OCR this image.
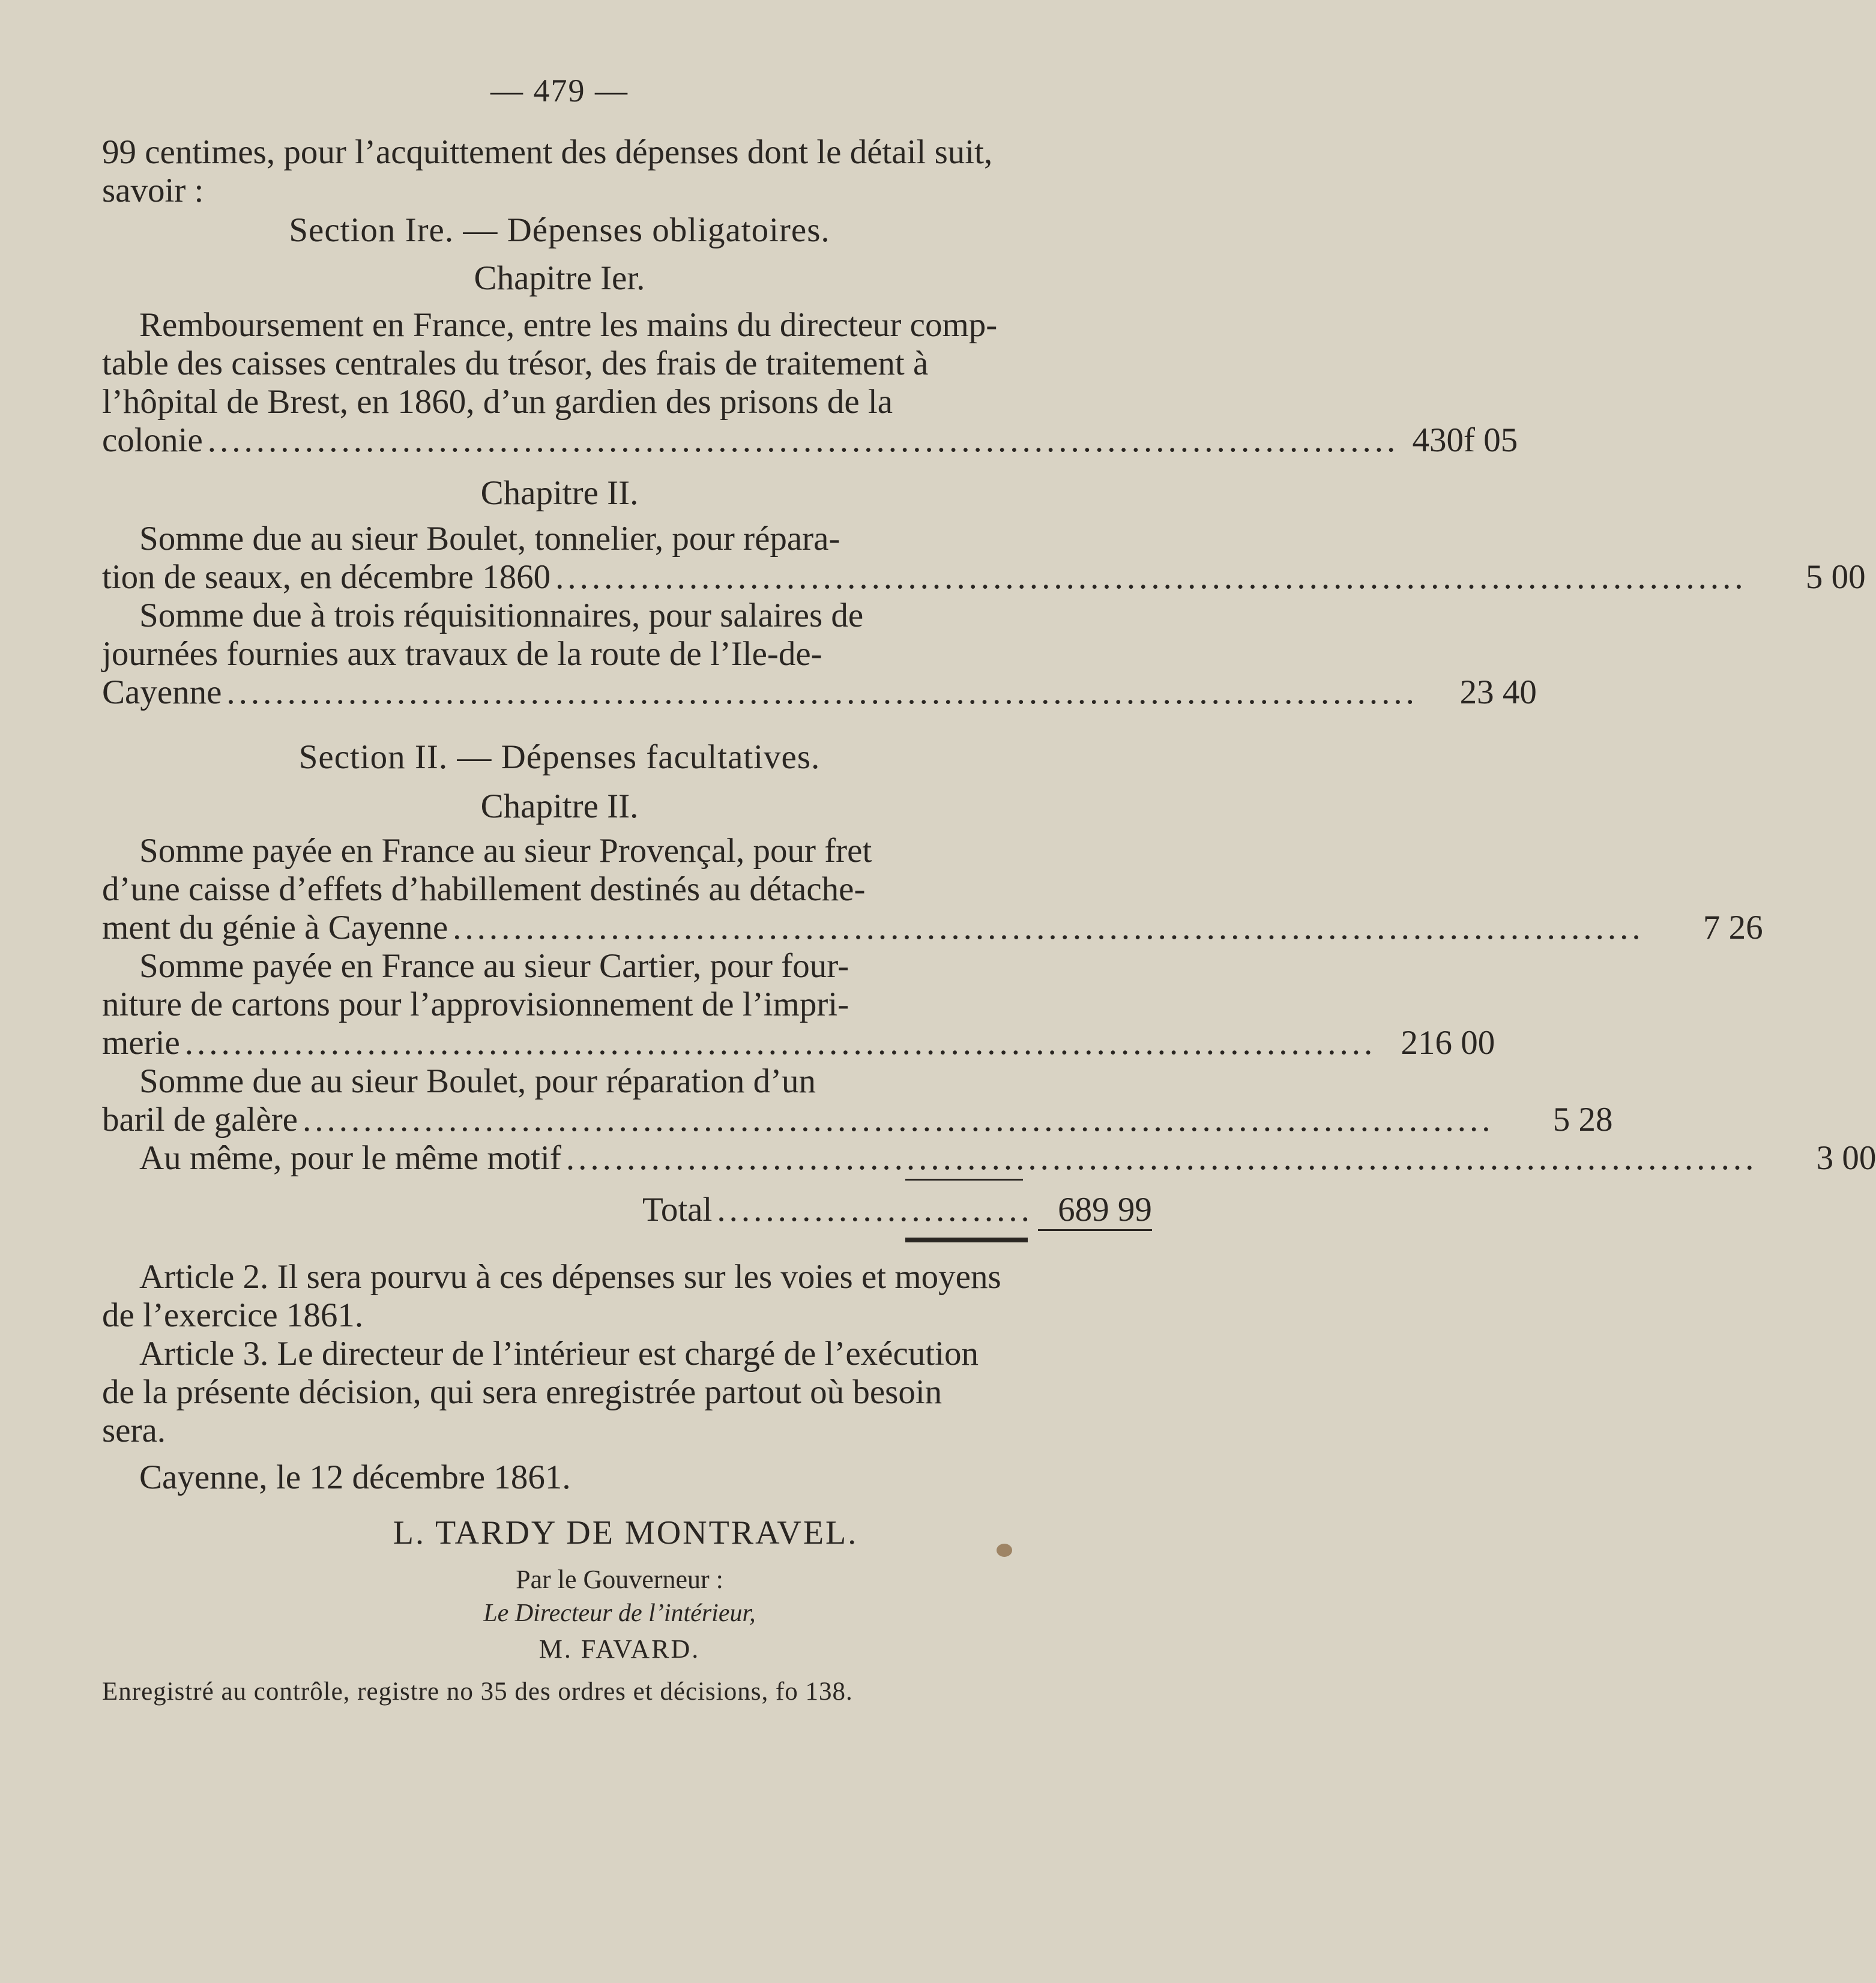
— 479 —
99 centimes, pour l’acquittement des dépenses dont le détail suit,
savoir :
Section Ire. — Dépenses obligatoires.
Chapitre Ier.
Remboursement en France, entre les mains du directeur comp-
table des caisses centrales du trésor, des frais de traitement à
l’hôpital de Brest, en 1860, d’un gardien des prisons de la
colonie .................................................................................................. 430f 05
Chapitre II.
Somme due au sieur Boulet, tonnelier, pour répara-
tion de seaux, en décembre 1860 ..................................................................................................	5 00
Somme due à trois réquisitionnaires, pour salaires de
journées fournies aux travaux de la route de l’Ile-de-
Cayenne ..................................................................................................	23 40
Section II. — Dépenses facultatives.
Chapitre II.
Somme payée en France au sieur Provençal, pour fret
d’une caisse d’effets d’habillement destinés au détache-
ment du génie à Cayenne ..................................................................................................	7 26
Somme payée en France au sieur Cartier, pour four-
niture de cartons pour l’approvisionnement de l’impri-
merie .................................................................................................. 216 00
Somme due au sieur Boulet, pour réparation d’un
baril de galère ..................................................................................................	5 28
Au même, pour le même motif ..................................................................................................	3 00
Total .......................... 689 99
Article 2. Il sera pourvu à ces dépenses sur les voies et moyens
de l’exercice 1861.
Article 3. Le directeur de l’intérieur est chargé de l’exécution
de la présente décision, qui sera enregistrée partout où besoin
sera.
Cayenne, le 12 décembre 1861.
L. TARDY DE MONTRAVEL.
Par le Gouverneur :
Le Directeur de l’intérieur,
M. FAVARD.
Enregistré au contrôle, registre no 35 des ordres et décisions, fo 138.
